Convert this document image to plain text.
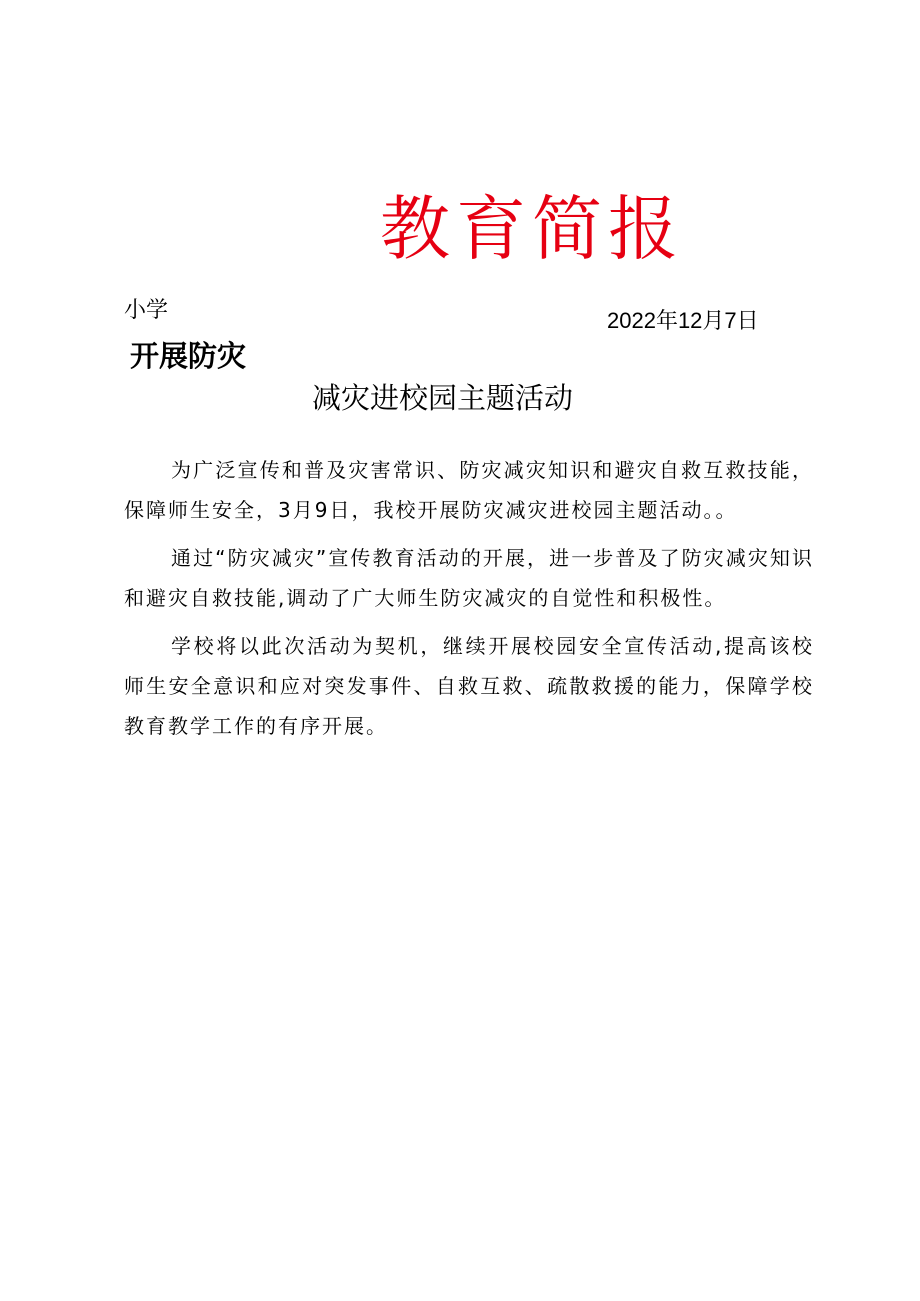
教育简报
小学	2022年12月7日
开展防灾
减灾进校园主题活动

为广泛宣传和普及灾害常识、防灾减灾知识和避灾自救互救技能，保障师生安全，3月9日，我校开展防灾减灾进校园主题活动。。

通过“防灾减灾”宣传教育活动的开展，进一步普及了防灾减灾知识和避灾自救技能,调动了广大师生防灾减灾的自觉性和积极性。

学校将以此次活动为契机，继续开展校园安全宣传活动,提高该校师生安全意识和应对突发事件、自救互救、疏散救援的能力，保障学校教育教学工作的有序开展。
